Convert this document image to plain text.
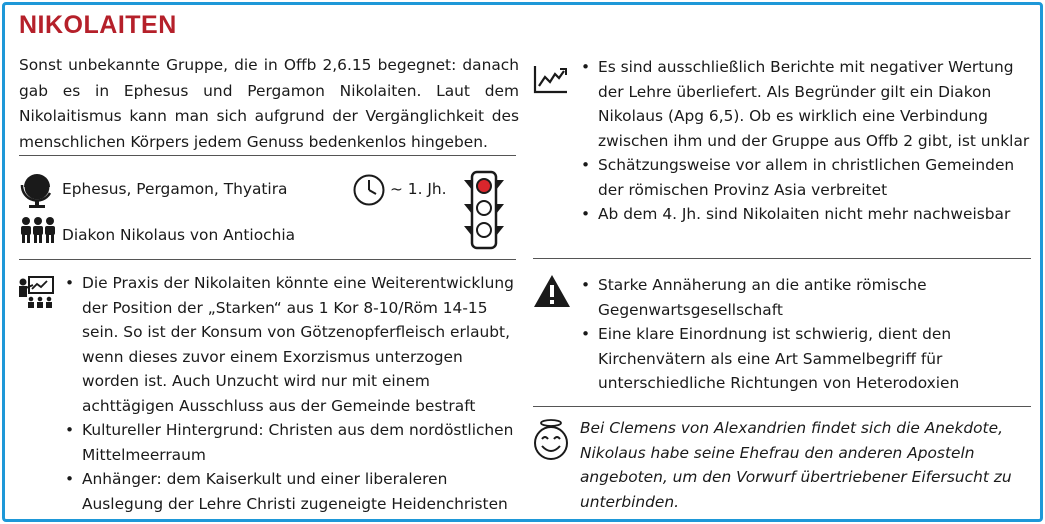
NIKOLAITEN
Sonst unbekannte Gruppe, die in Offb 2,6.15 begegnet: danach gab es in Ephesus und Pergamon Nikolaiten. Laut dem Nikolaitismus kann man sich aufgrund der Vergänglichkeit des menschlichen Körpers jedem Genuss bedenkenlos hingeben.
Ephesus, Pergamon, Thyatira	~ 1. Jh.
Diakon Nikolaus von Antiochia
• Die Praxis der Nikolaiten könnte eine Weiterentwicklung der Position der „Starken“ aus 1 Kor 8-10/Röm 14-15 sein. So ist der Konsum von Götzenopferfleisch erlaubt, wenn dieses zuvor einem Exorzismus unterzogen worden ist. Auch Unzucht wird nur mit einem achttägigen Ausschluss aus der Gemeinde bestraft
• Kultureller Hintergrund: Christen aus dem nordöstlichen Mittelmeerraum
• Anhänger: dem Kaiserkult und einer liberaleren Auslegung der Lehre Christi zugeneigte Heidenchristen
• Es sind ausschließlich Berichte mit negativer Wertung der Lehre überliefert. Als Begründer gilt ein Diakon Nikolaus (Apg 6,5). Ob es wirklich eine Verbindung zwischen ihm und der Gruppe aus Offb 2 gibt, ist unklar
• Schätzungsweise vor allem in christlichen Gemeinden der römischen Provinz Asia verbreitet
• Ab dem 4. Jh. sind Nikolaiten nicht mehr nachweisbar
• Starke Annäherung an die antike römische Gegenwartsgesellschaft
• Eine klare Einordnung ist schwierig, dient den Kirchenvätern als eine Art Sammelbegriff für unterschiedliche Richtungen von Heterodoxien
Bei Clemens von Alexandrien findet sich die Anekdote, Nikolaus habe seine Ehefrau den anderen Aposteln angeboten, um den Vorwurf übertriebener Eifersucht zu unterbinden.
